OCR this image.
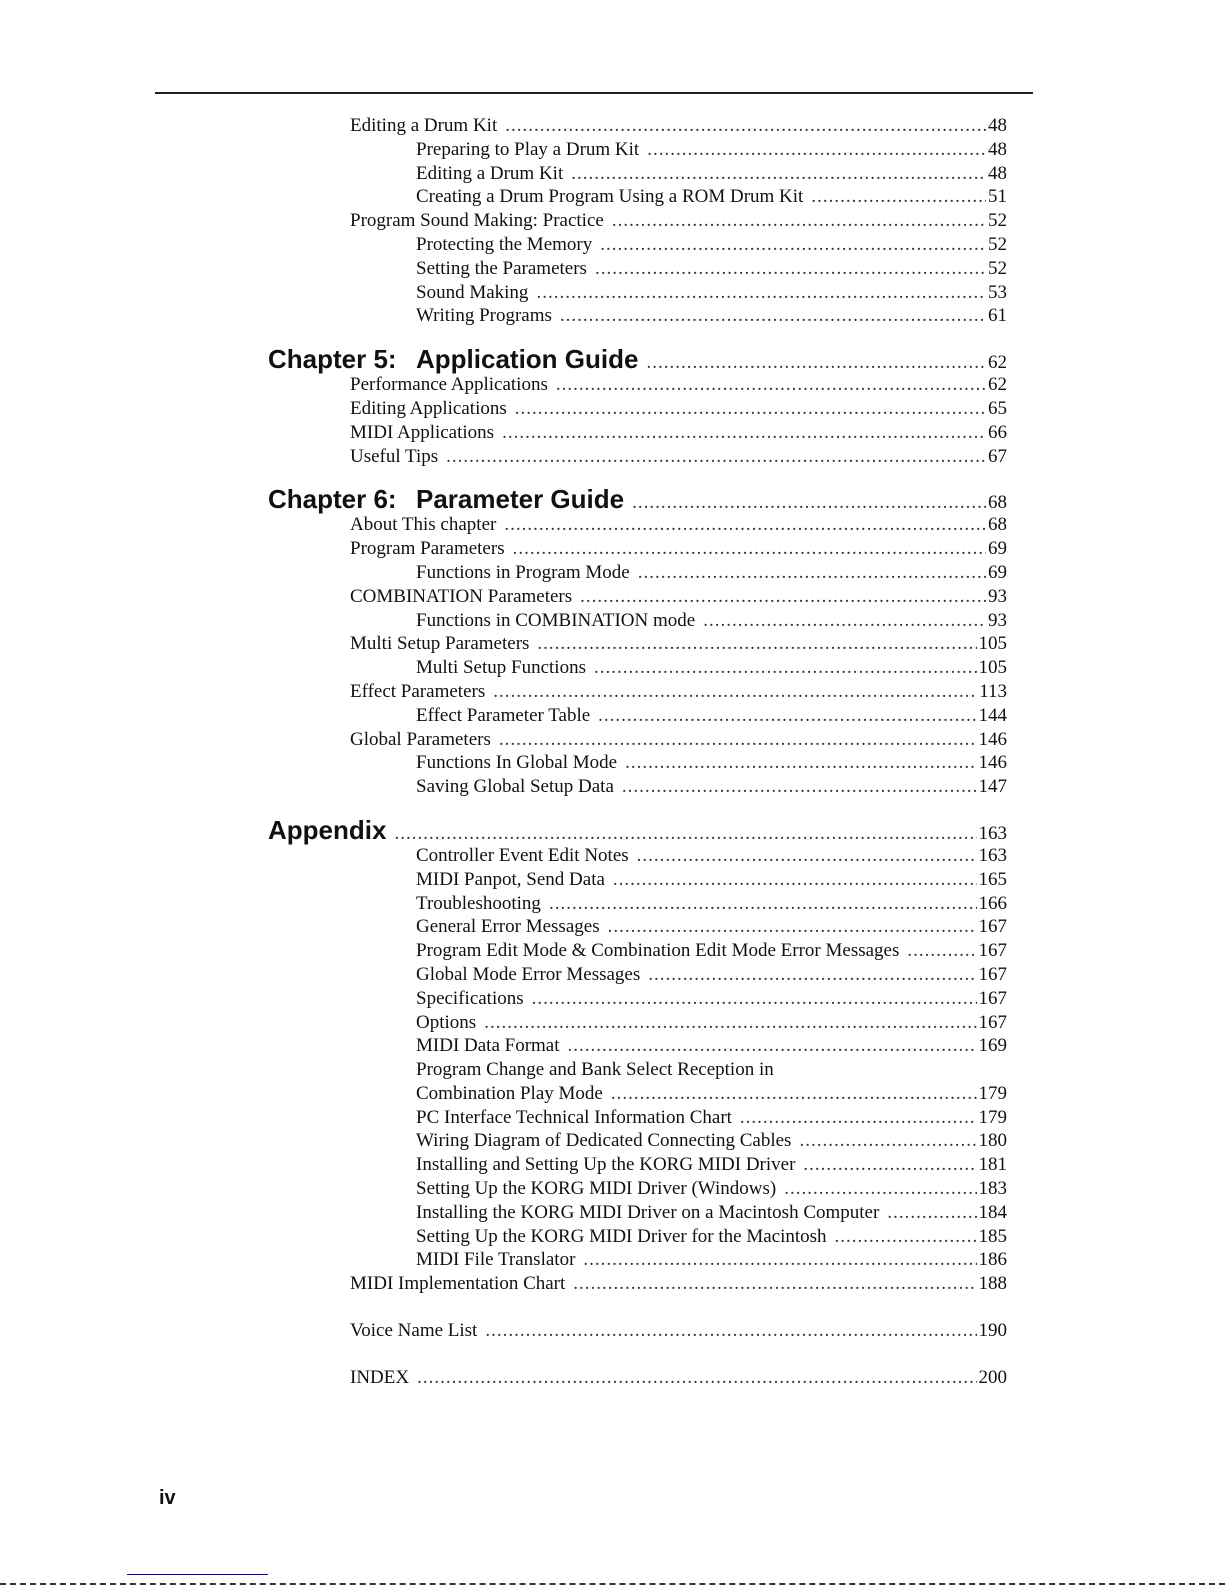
Editing a Drum Kit .....	48
Preparing to Play a Drum Kit .....	48
Editing a Drum Kit .....	48
Creating a Drum Program Using a ROM Drum Kit .....	51
Program Sound Making: Practice .....	52
Protecting the Memory .....	52
Setting the Parameters .....	52
Sound Making .....	53
Writing Programs .....	61
Chapter 5: Application Guide .....	62
Performance Applications .....	62
Editing Applications .....	65
MIDI Applications .....	66
Useful Tips .....	67
Chapter 6: Parameter Guide .....	68
About This chapter .....	68
Program Parameters .....	69
Functions in Program Mode .....	69
COMBINATION Parameters .....	93
Functions in COMBINATION mode .....	93
Multi Setup Parameters .....	105
Multi Setup Functions .....	105
Effect Parameters .....	113
Effect Parameter Table .....	144
Global Parameters .....	146
Functions In Global Mode .....	146
Saving Global Setup Data .....	147
Appendix .....	163
Controller Event Edit Notes .....	163
MIDI Panpot, Send Data .....	165
Troubleshooting .....	166
General Error Messages .....	167
Program Edit Mode & Combination Edit Mode Error Messages .....	167
Global Mode Error Messages .....	167
Specifications .....	167
Options .....	167
MIDI Data Format .....	169
Program Change and Bank Select Reception in
Combination Play Mode .....	179
PC Interface Technical Information Chart .....	179
Wiring Diagram of Dedicated Connecting Cables .....	180
Installing and Setting Up the KORG MIDI Driver .....	181
Setting Up the KORG MIDI Driver (Windows) .....	183
Installing the KORG MIDI Driver on a Macintosh Computer .....	184
Setting Up the KORG MIDI Driver for the Macintosh .....	185
MIDI File Translator .....	186
MIDI Implementation Chart .....	188
Voice Name List .....	190
INDEX .....	200
iv
